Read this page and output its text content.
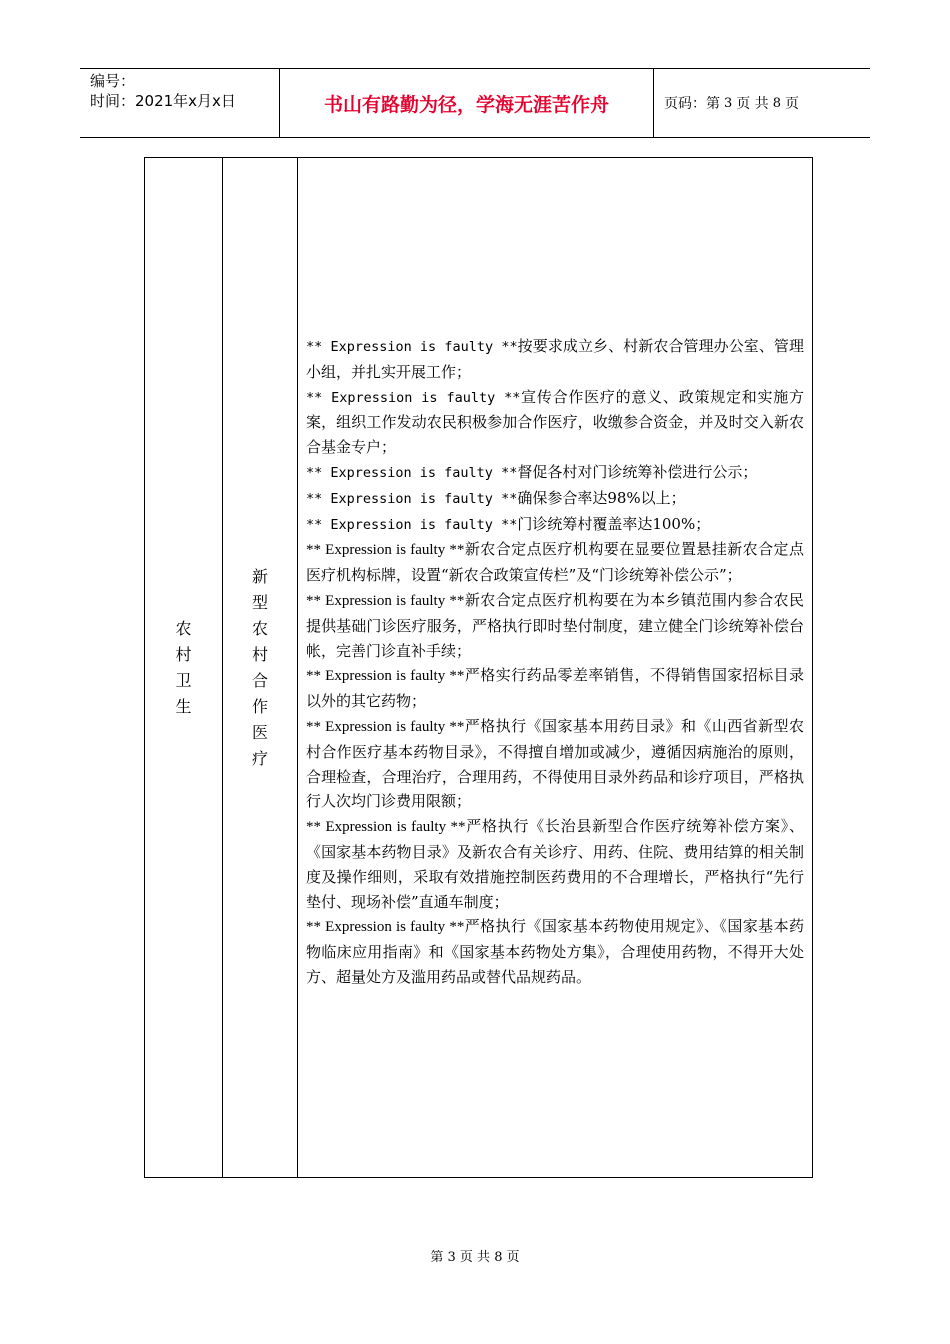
编号：
时间：2021年x月x日	书山有路勤为径，学海无涯苦作舟	页码：第 3 页 共 8 页
农村卫生
新型农村合作医疗
** Expression is faulty **按要求成立乡、村新农合管理办公室、管理小组，并扎实开展工作；
** Expression is faulty **宣传合作医疗的意义、政策规定和实施方案，组织工作发动农民积极参加合作医疗，收缴参合资金，并及时交入新农合基金专户；
** Expression is faulty **督促各村对门诊统筹补偿进行公示；
** Expression is faulty **确保参合率达98%以上；
** Expression is faulty **门诊统筹村覆盖率达100%；
** Expression is faulty **新农合定点医疗机构要在显要位置悬挂新农合定点医疗机构标牌，设置“新农合政策宣传栏”及“门诊统筹补偿公示”；
** Expression is faulty **新农合定点医疗机构要在为本乡镇范围内参合农民提供基础门诊医疗服务，严格执行即时垫付制度，建立健全门诊统筹补偿台帐，完善门诊直补手续；
** Expression is faulty **严格实行药品零差率销售，不得销售国家招标目录以外的其它药物；
** Expression is faulty **严格执行《国家基本用药目录》和《山西省新型农村合作医疗基本药物目录》，不得擅自增加或减少，遵循因病施治的原则，合理检查，合理治疗，合理用药，不得使用目录外药品和诊疗项目，严格执行人次均门诊费用限额；
** Expression is faulty **严格执行《长治县新型合作医疗统筹补偿方案》、《国家基本药物目录》及新农合有关诊疗、用药、住院、费用结算的相关制度及操作细则，采取有效措施控制医药费用的不合理增长，严格执行“先行垫付、现场补偿”直通车制度；
** Expression is faulty **严格执行《国家基本药物使用规定》、《国家基本药物临床应用指南》和《国家基本药物处方集》，合理使用药物，不得开大处方、超量处方及滥用药品或替代品规药品。
第 3 页 共 8 页
